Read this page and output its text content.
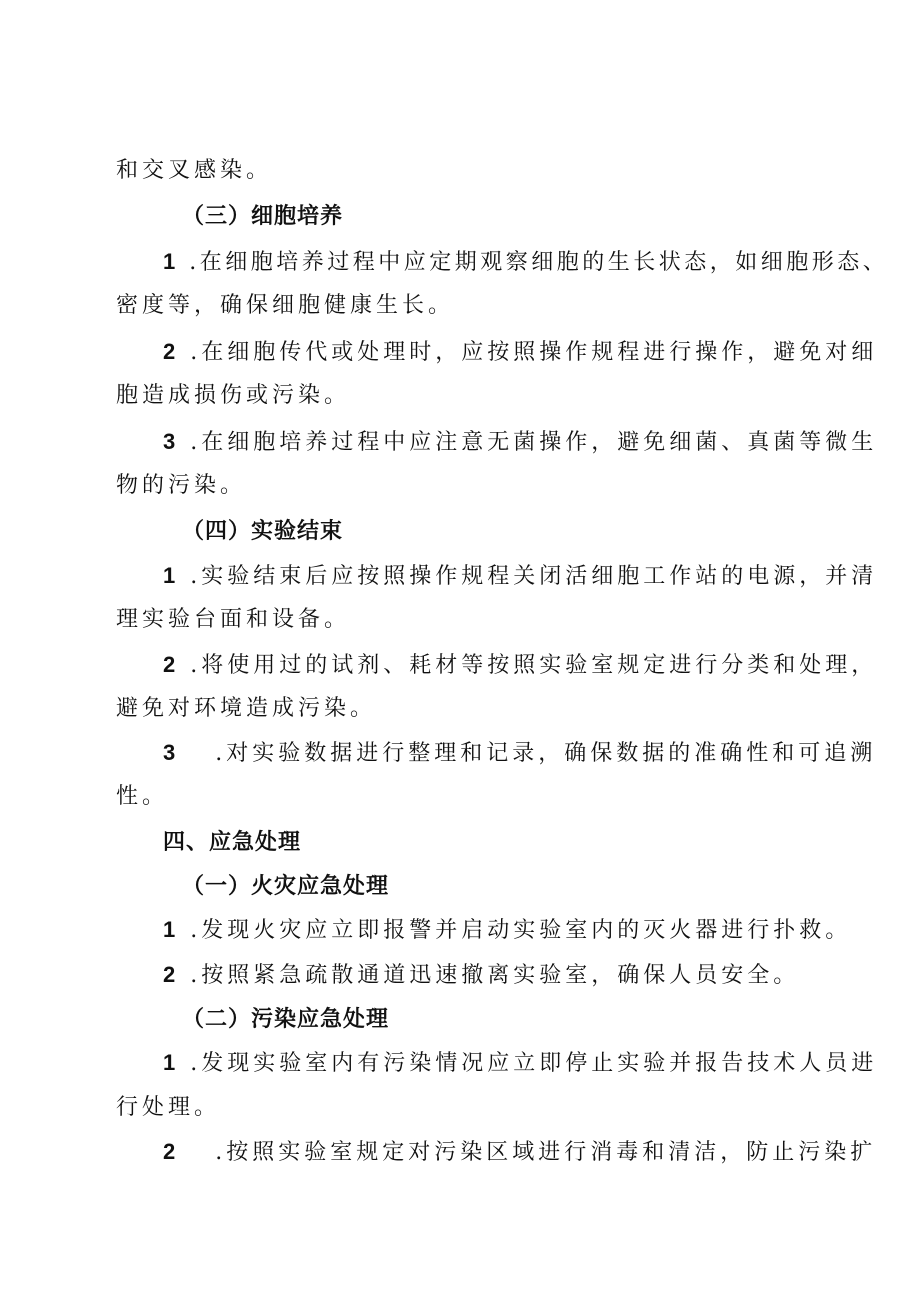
和交叉感染。
（三）细胞培养
1 .在细胞培养过程中应定期观察细胞的生长状态，如细胞形态、
密度等，确保细胞健康生长。
2 .在细胞传代或处理时，应按照操作规程进行操作，避免对细
胞造成损伤或污染。
3 .在细胞培养过程中应注意无菌操作，避免细菌、真菌等微生
物的污染。
（四）实验结束
1 .实验结束后应按照操作规程关闭活细胞工作站的电源，并清
理实验台面和设备。
2 .将使用过的试剂、耗材等按照实验室规定进行分类和处理，
避免对环境造成污染。
3 .对实验数据进行整理和记录，确保数据的准确性和可追溯
性。
四、应急处理
（一）火灾应急处理
1 .发现火灾应立即报警并启动实验室内的灭火器进行扑救。
2 .按照紧急疏散通道迅速撤离实验室，确保人员安全。
（二）污染应急处理
1 .发现实验室内有污染情况应立即停止实验并报告技术人员进
行处理。
2 .按照实验室规定对污染区域进行消毒和清洁，防止污染扩
